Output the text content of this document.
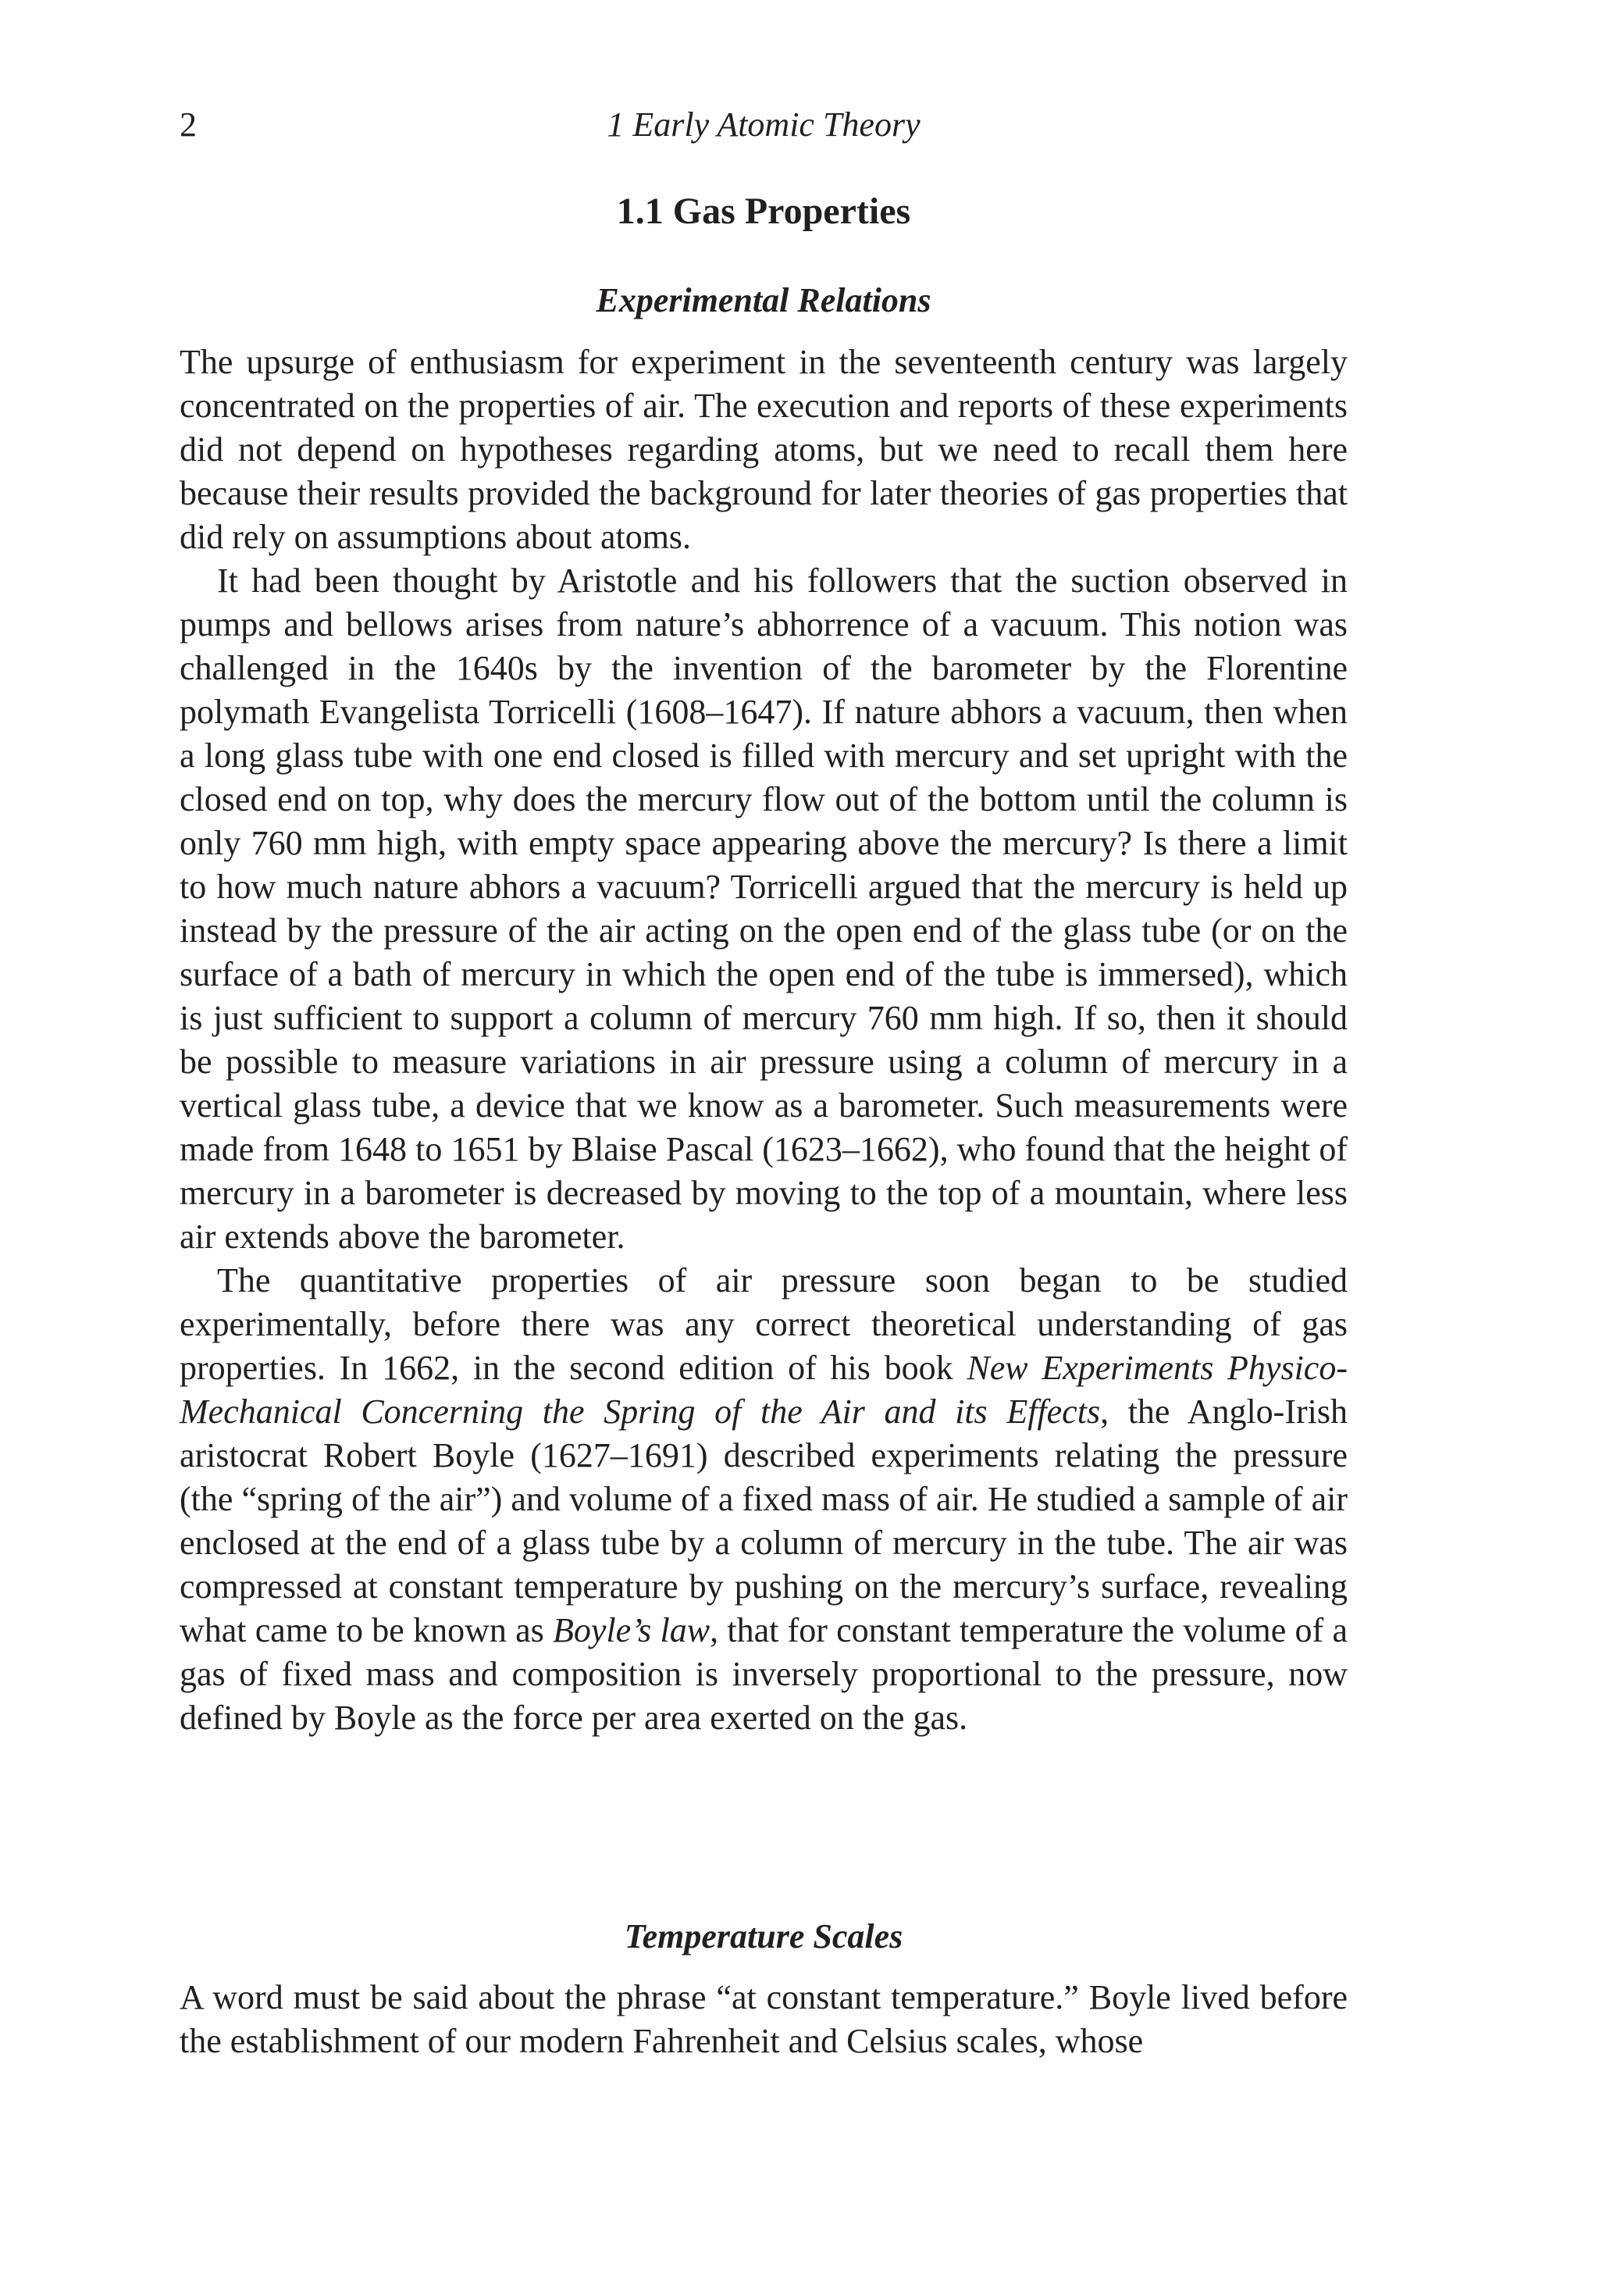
2	1 Early Atomic Theory
1.1 Gas Properties
Experimental Relations

The upsurge of enthusiasm for experiment in the seventeenth century was largely concentrated on the properties of air. The execution and reports of these experiments did not depend on hypotheses regarding atoms, but we need to recall them here because their results provided the background for later theories of gas properties that did rely on assumptions about atoms.

It had been thought by Aristotle and his followers that the suction observed in pumps and bellows arises from nature’s abhorrence of a vacuum. This notion was challenged in the 1640s by the invention of the barometer by the Florentine polymath Evangelista Torricelli (1608–1647). If nature abhors a vacuum, then when a long glass tube with one end closed is filled with mercury and set upright with the closed end on top, why does the mercury flow out of the bottom until the column is only 760 mm high, with empty space appearing above the mercury? Is there a limit to how much nature abhors a vacuum? Torricelli argued that the mercury is held up instead by the pressure of the air acting on the open end of the glass tube (or on the surface of a bath of mercury in which the open end of the tube is immersed), which is just sufficient to support a column of mercury 760 mm high. If so, then it should be possible to measure variations in air pressure using a column of mercury in a vertical glass tube, a device that we know as a barometer. Such measurements were made from 1648 to 1651 by Blaise Pascal (1623–1662), who found that the height of mercury in a barometer is decreased by moving to the top of a mountain, where less air extends above the barometer.

The quantitative properties of air pressure soon began to be studied experimentally, before there was any correct theoretical understanding of gas properties. In 1662, in the second edition of his book New Experiments Physico-Mechanical Concerning the Spring of the Air and its Effects, the Anglo-Irish aristocrat Robert Boyle (1627–1691) described experiments relating the pressure (the “spring of the air”) and volume of a fixed mass of air. He studied a sample of air enclosed at the end of a glass tube by a column of mercury in the tube. The air was compressed at constant temperature by pushing on the mercury’s surface, revealing what came to be known as Boyle’s law, that for constant temperature the volume of a gas of fixed mass and composition is inversely proportional to the pressure, now defined by Boyle as the force per area exerted on the gas.

Temperature Scales

A word must be said about the phrase “at constant temperature.” Boyle lived before the establishment of our modern Fahrenheit and Celsius scales, whose
